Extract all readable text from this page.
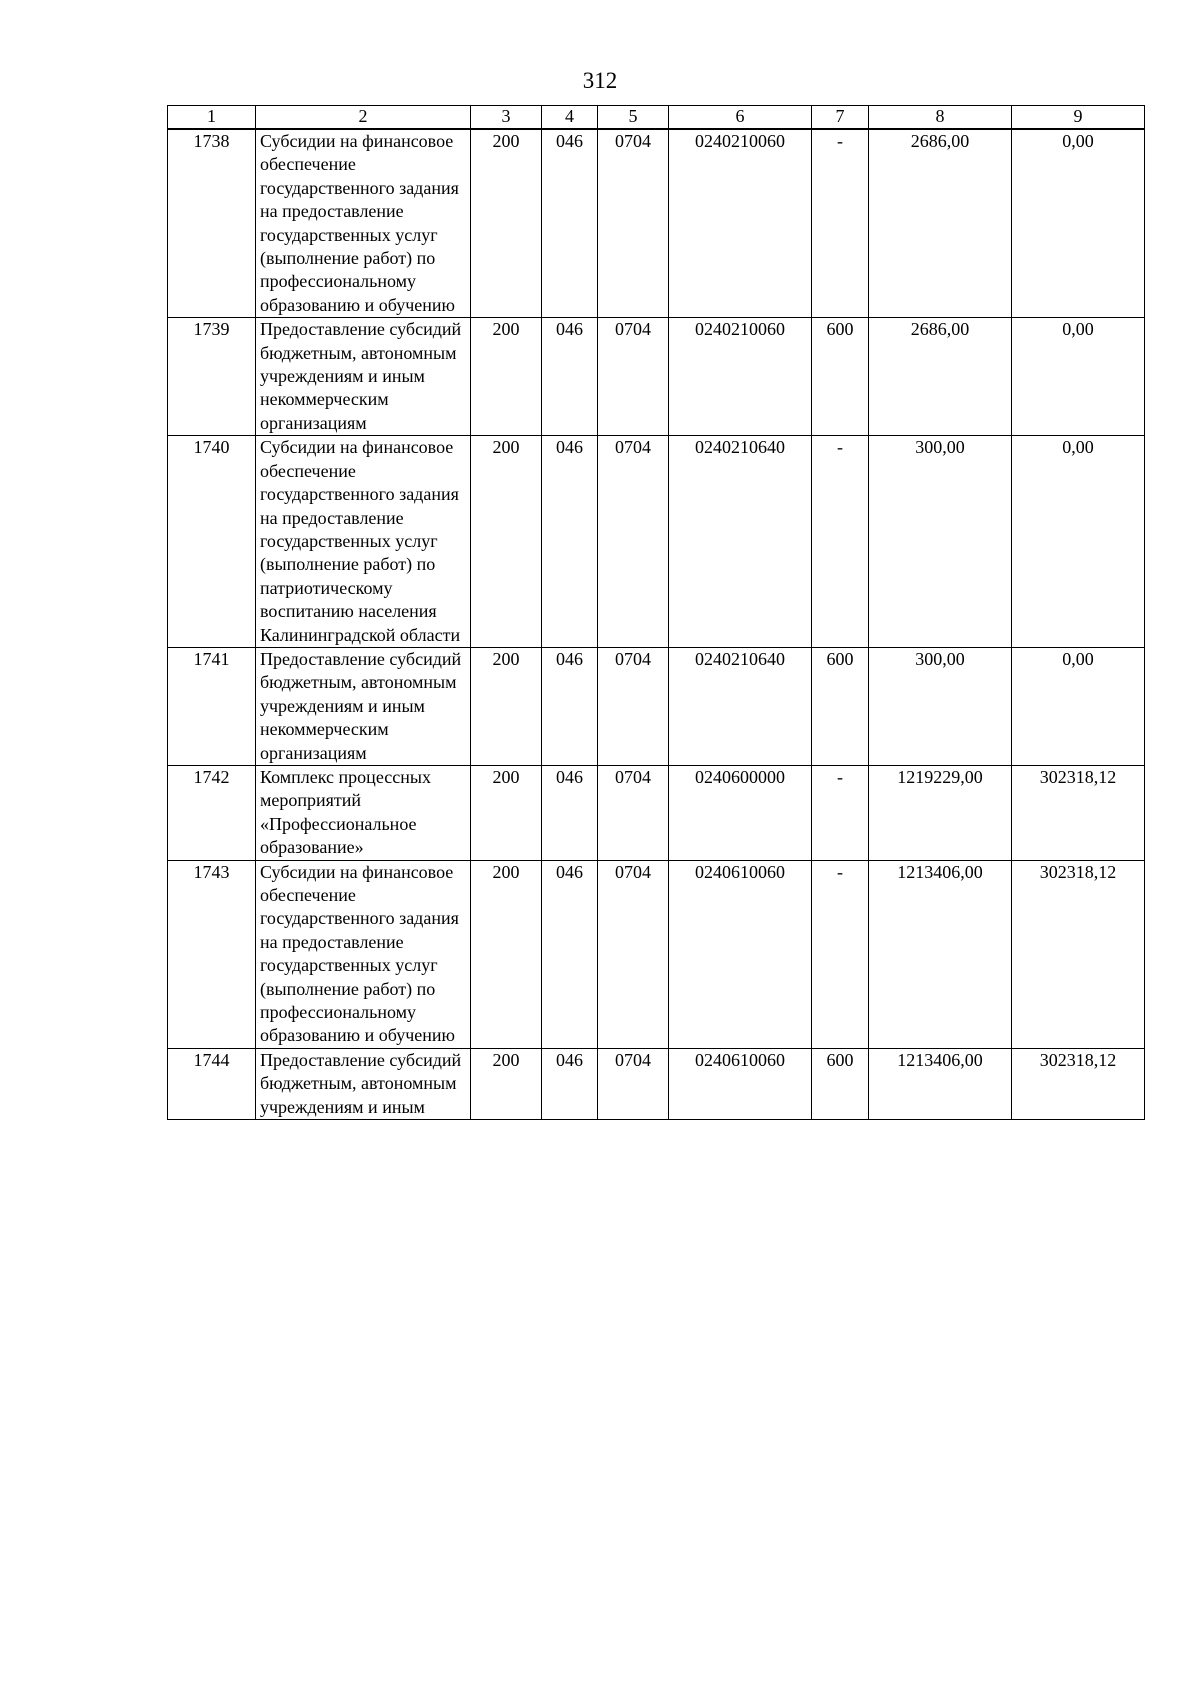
312
1	2	3	4	5	6	7	8	9
1738	Субсидии на финансовое обеспечение государственного задания на предоставление государственных услуг (выполнение работ) по профессиональному образованию и обучению	200	046	0704	0240210060	-	2686,00	0,00
1739	Предоставление субсидий бюджетным, автономным учреждениям и иным некоммерческим организациям	200	046	0704	0240210060	600	2686,00	0,00
1740	Субсидии на финансовое обеспечение государственного задания на предоставление государственных услуг (выполнение работ) по патриотическому воспитанию населения Калининградской области	200	046	0704	0240210640	-	300,00	0,00
1741	Предоставление субсидий бюджетным, автономным учреждениям и иным некоммерческим организациям	200	046	0704	0240210640	600	300,00	0,00
1742	Комплекс процессных мероприятий «Профессиональное образование»	200	046	0704	0240600000	-	1219229,00	302318,12
1743	Субсидии на финансовое обеспечение государственного задания на предоставление государственных услуг (выполнение работ) по профессиональному образованию и обучению	200	046	0704	0240610060	-	1213406,00	302318,12
1744	Предоставление субсидий бюджетным, автономным учреждениям и иным	200	046	0704	0240610060	600	1213406,00	302318,12
